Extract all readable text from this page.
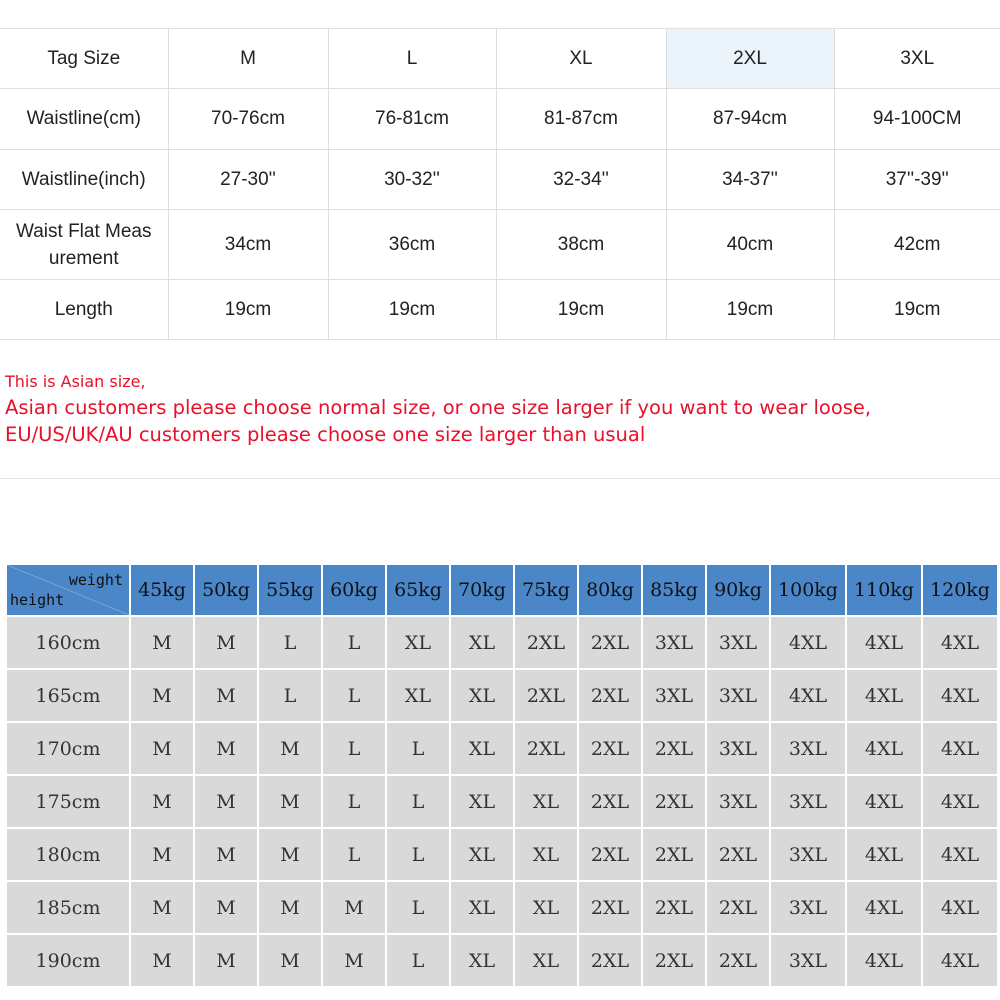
Tag Size	M	L	XL	2XL	3XL
Waistline(cm)	70-76cm	76-81cm	81-87cm	87-94cm	94-100CM
Waistline(inch)	27-30''	30-32''	32-34''	34-37''	37''-39''
Waist Flat Meas
urement	34cm	36cm	38cm	40cm	42cm
Length	19cm	19cm	19cm	19cm	19cm
This is Asian size,
Asian customers please choose normal size, or one size larger if you want to wear loose,
EU/US/UK/AU customers please choose one size larger than usual
weight
height	45kg	50kg	55kg	60kg	65kg	70kg	75kg	80kg	85kg	90kg	100kg	110kg	120kg
160cm	M	M	L	L	XL	XL	2XL	2XL	3XL	3XL	4XL	4XL	4XL
165cm	M	M	L	L	XL	XL	2XL	2XL	3XL	3XL	4XL	4XL	4XL
170cm	M	M	M	L	L	XL	2XL	2XL	2XL	3XL	3XL	4XL	4XL
175cm	M	M	M	L	L	XL	XL	2XL	2XL	3XL	3XL	4XL	4XL
180cm	M	M	M	L	L	XL	XL	2XL	2XL	2XL	3XL	4XL	4XL
185cm	M	M	M	M	L	XL	XL	2XL	2XL	2XL	3XL	4XL	4XL
190cm	M	M	M	M	L	XL	XL	2XL	2XL	2XL	3XL	4XL	4XL
